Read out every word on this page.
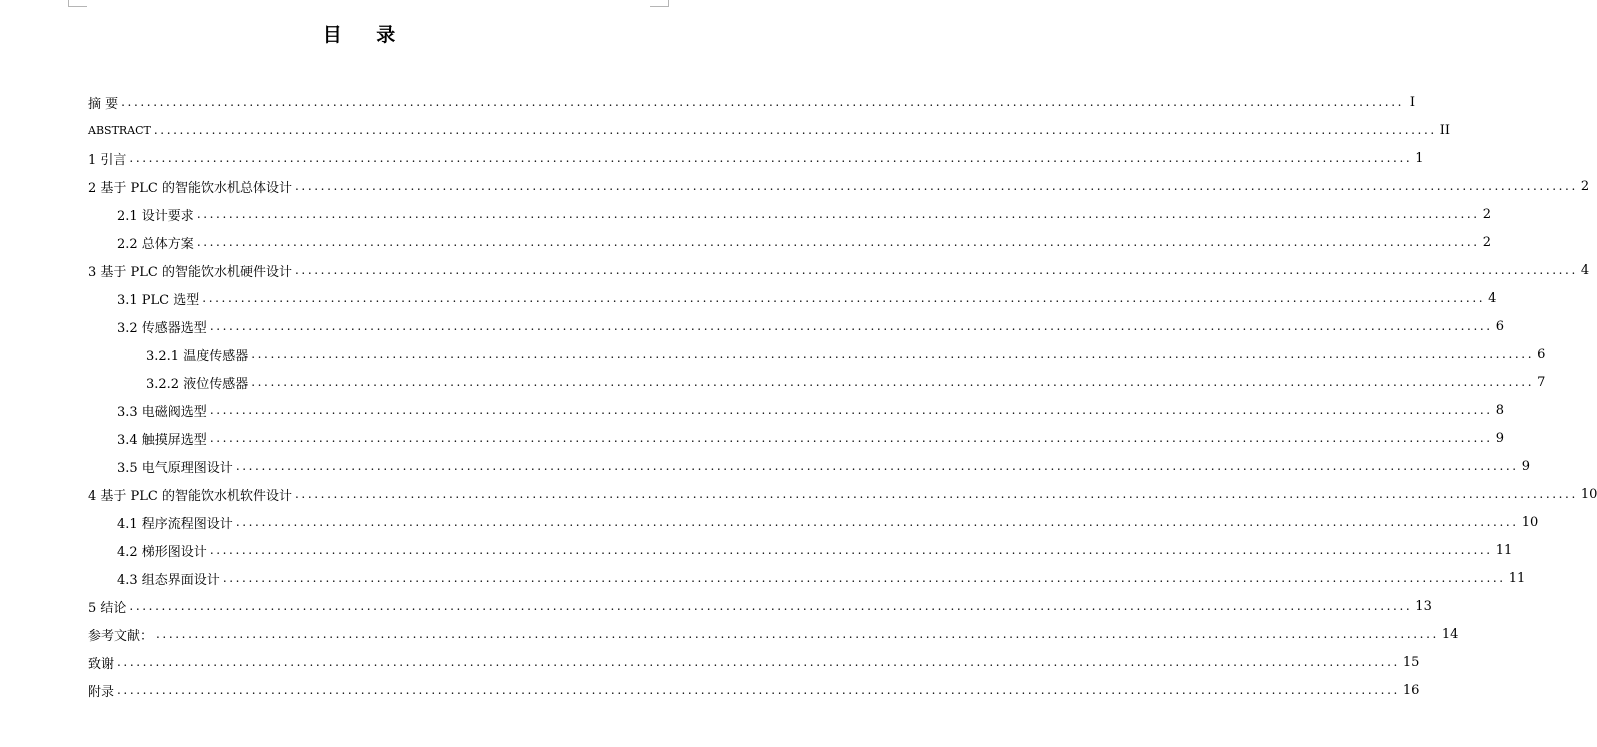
目 录
摘 要 ........................................................................................................................................................................................................ I
ABSTRACT ........................................................................................................................................................................................................ II
1 引言 ........................................................................................................................................................................................................ 1
2 基于 PLC 的智能饮水机总体设计 ........................................................................................................................................................................................................ 2
2.1 设计要求 ........................................................................................................................................................................................................ 2
2.2 总体方案 ........................................................................................................................................................................................................ 2
3 基于 PLC 的智能饮水机硬件设计 ........................................................................................................................................................................................................ 4
3.1 PLC 选型 ........................................................................................................................................................................................................ 4
3.2 传感器选型 ........................................................................................................................................................................................................ 6
3.2.1 温度传感器 ........................................................................................................................................................................................................ 6
3.2.2 液位传感器 ........................................................................................................................................................................................................ 7
3.3 电磁阀选型 ........................................................................................................................................................................................................ 8
3.4 触摸屏选型 ........................................................................................................................................................................................................ 9
3.5 电气原理图设计 ........................................................................................................................................................................................................ 9
4 基于 PLC 的智能饮水机软件设计 ........................................................................................................................................................................................................ 10
4.1 程序流程图设计 ........................................................................................................................................................................................................ 10
4.2 梯形图设计 ........................................................................................................................................................................................................ 11
4.3 组态界面设计 ........................................................................................................................................................................................................ 11
5 结论 ........................................................................................................................................................................................................ 13
参考文献： ........................................................................................................................................................................................................ 14
致谢 ........................................................................................................................................................................................................ 15
附录 ........................................................................................................................................................................................................ 16
